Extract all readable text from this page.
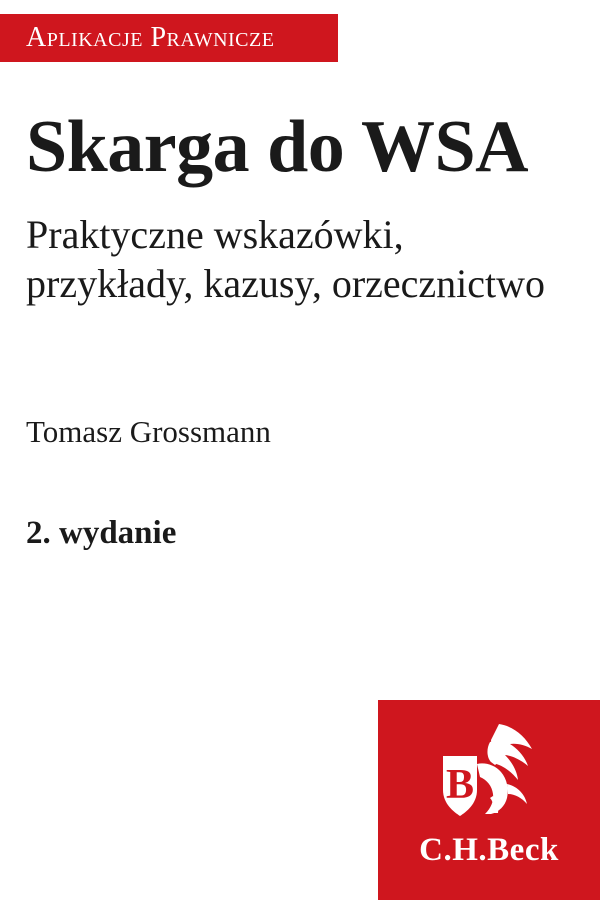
Aplikacje Prawnicze
Skarga do WSA

Praktyczne wskazówki, przykłady, kazusy, orzecznictwo

Tomasz Grossmann

2. wydanie

B
C.H.Beck
